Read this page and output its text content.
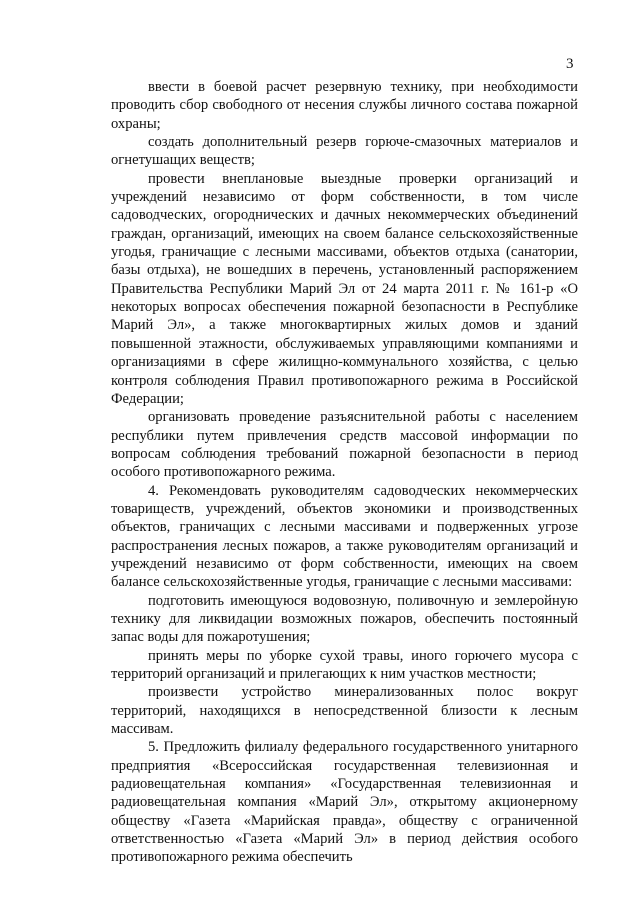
3

ввести в боевой расчет резервную технику, при необходимости проводить сбор свободного от несения службы личного состава пожарной охраны;

создать дополнительный резерв горюче-смазочных материалов и огнетушащих веществ;

провести внеплановые выездные проверки организаций и учреждений независимо от форм собственности, в том числе садоводческих, огороднических и дачных некоммерческих объединений граждан, организаций, имеющих на своем балансе сельскохозяйственные угодья, граничащие с лесными массивами, объектов отдыха (санатории, базы отдыха), не вошедших в перечень, установленный распоряжением Правительства Республики Марий Эл от 24 марта 2011 г. № 161-р «О некоторых вопросах обеспечения пожарной безопасности в Республике Марий Эл», а также многоквартирных жилых домов и зданий повышенной этажности, обслуживаемых управляющими компаниями и организациями в сфере жилищно-коммунального хозяйства, с целью контроля соблюдения Правил противопожарного режима в Российской Федерации;

организовать проведение разъяснительной работы с населением республики путем привлечения средств массовой информации по вопросам соблюдения требований пожарной безопасности в период особого противопожарного режима.

4. Рекомендовать руководителям садоводческих некоммерческих товариществ, учреждений, объектов экономики и производственных объектов, граничащих с лесными массивами и подверженных угрозе распространения лесных пожаров, а также руководителям организаций и учреждений независимо от форм собственности, имеющих на своем балансе сельскохозяйственные угодья, граничащие с лесными массивами:

подготовить имеющуюся водовозную, поливочную и землеройную технику для ликвидации возможных пожаров, обеспечить постоянный запас воды для пожаротушения;

принять меры по уборке сухой травы, иного горючего мусора с территорий организаций и прилегающих к ним участков местности;

произвести устройство минерализованных полос вокруг территорий, находящихся в непосредственной близости к лесным массивам.

5. Предложить филиалу федерального государственного унитарного предприятия «Всероссийская государственная телевизионная и радиовещательная компания» «Государственная телевизионная и радиовещательная компания «Марий Эл», открытому акционерному обществу «Газета «Марийская правда», обществу с ограниченной ответственностью «Газета «Марий Эл» в период действия особого противопожарного режима обеспечить
